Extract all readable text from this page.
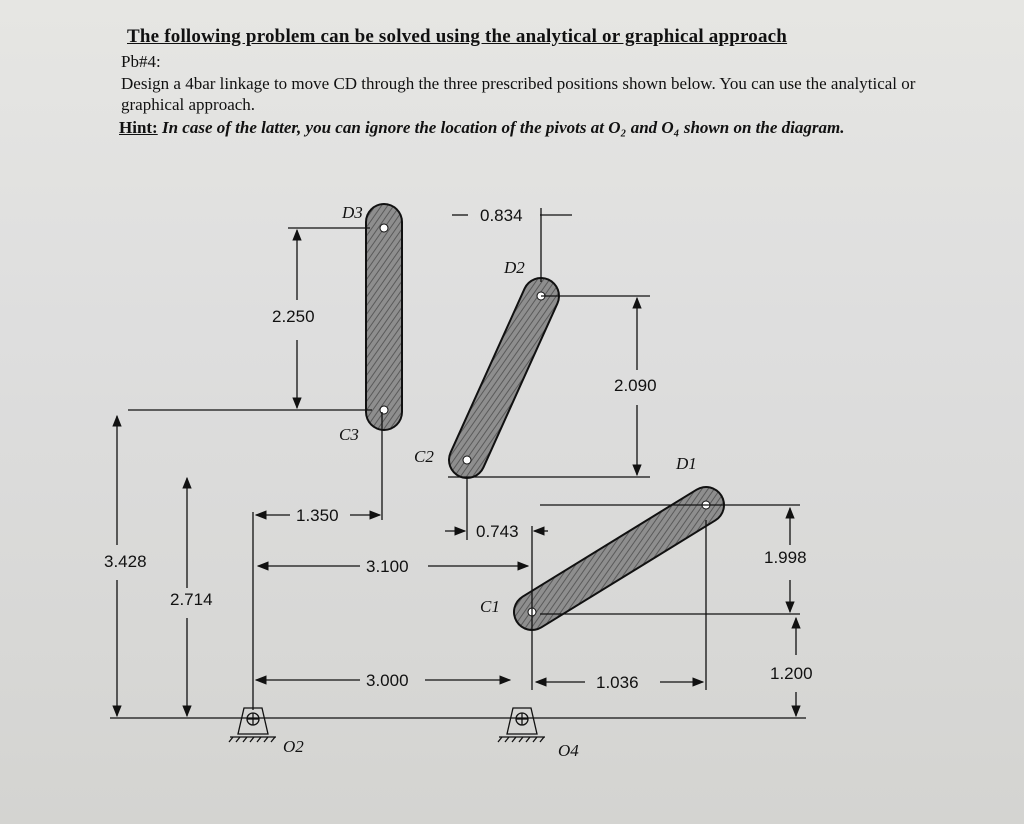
The following problem can be solved using the analytical or graphical approach
Pb#4:
Design a 4bar linkage to move CD through the three prescribed positions shown below. You can use the analytical or graphical approach.
Hint: In case of the latter, you can ignore the location of the pivots at O₂ and O₄ shown on the diagram.
D3
C3
D2
C2	D1
C1
O2	O4
0.834
2.250
2.090
1.350
0.743
3.428	3.100	1.998
2.714
3.000	1.036	1.200
